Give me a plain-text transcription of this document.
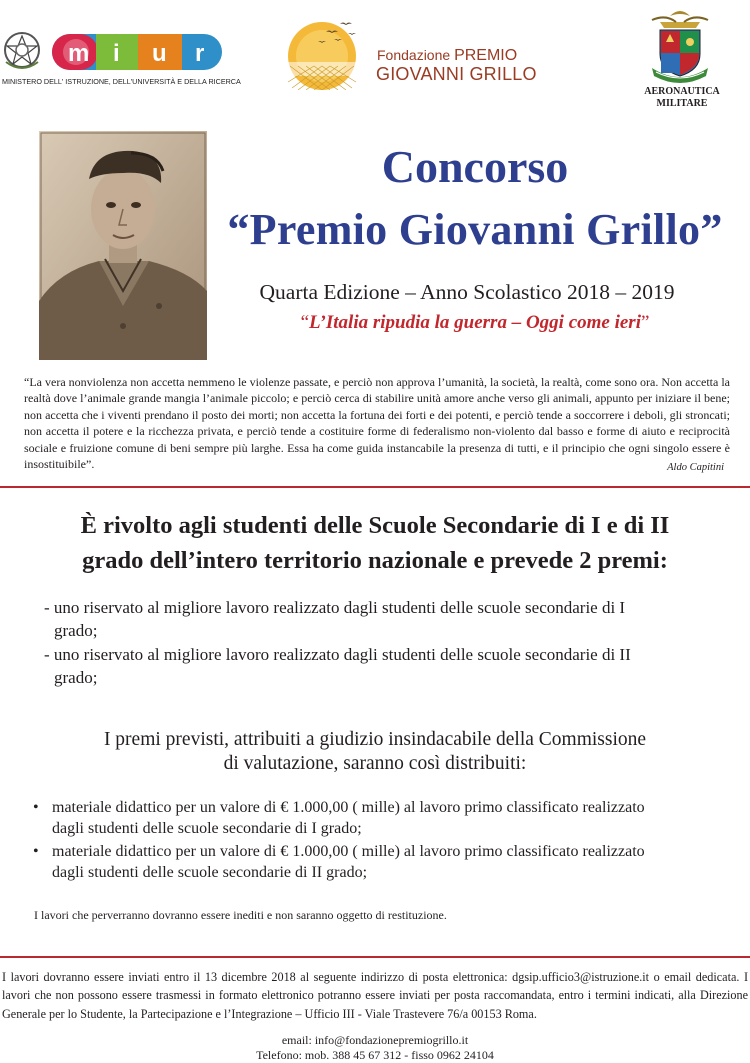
m i u r
MINISTERO DELL' ISTRUZIONE, DELL'UNIVERSITÀ E DELLA RICERCA
Fondazione PREMIO
GIOVANNI GRILLO
AERONAUTICA
MILITARE
Concorso
“Premio Giovanni Grillo”
Quarta Edizione – Anno Scolastico 2018 – 2019
“L’Italia ripudia la guerra – Oggi come ieri”
“La vera nonviolenza non accetta nemmeno le violenze passate, e perciò non approva l’umanità, la società, la realtà, come sono ora. Non accetta la realtà dove l’animale grande mangia l’animale piccolo; e perciò cerca di stabilire unità amore anche verso gli animali, appunto per iniziare il bene; non accetta che i viventi prendano il posto dei morti; non accetta la fortuna dei forti e dei potenti, e perciò tende a soccorrere i deboli, gli stroncati; non accetta il potere e la ricchezza privata, e perciò tende a costituire forme di federalismo non-violento dal basso e forme di aiuto e reciprocità sociale e fruizione comune di beni sempre più larghe. Essa ha come guida instancabile la presenza di tutti, e il principio che ogni singolo essere è insostituibile”.	Aldo Capitini
È rivolto agli studenti delle Scuole Secondarie di I e di II
grado dell’intero territorio nazionale e prevede 2 premi:
- uno riservato al migliore lavoro realizzato dagli studenti delle scuole secondarie di I
grado;
- uno riservato al migliore lavoro realizzato dagli studenti delle scuole secondarie di II
grado;
I premi previsti, attribuiti a giudizio insindacabile della Commissione
di valutazione, saranno così distribuiti:
• materiale didattico per un valore di € 1.000,00 ( mille) al lavoro primo classificato realizzato
dagli studenti delle scuole secondarie di I grado;
• materiale didattico per un valore di € 1.000,00 ( mille) al lavoro primo classificato realizzato
dagli studenti delle scuole secondarie di II grado;
I lavori che perverranno dovranno essere inediti e non saranno oggetto di restituzione.
I lavori dovranno essere inviati entro il 13 dicembre 2018 al seguente indirizzo di posta elettronica: dgsip.ufficio3@istruzione.it o email dedicata. I lavori che non possono essere trasmessi in formato elettronico potranno essere inviati per posta raccomandata, entro i termini indicati, alla Direzione Generale per lo Studente, la Partecipazione e l’Integrazione – Ufficio III - Viale Trastevere 76/a 00153 Roma.
email: info@fondazionepremiogrillo.it
Telefono: mob. 388 45 67 312 - fisso 0962 24104
